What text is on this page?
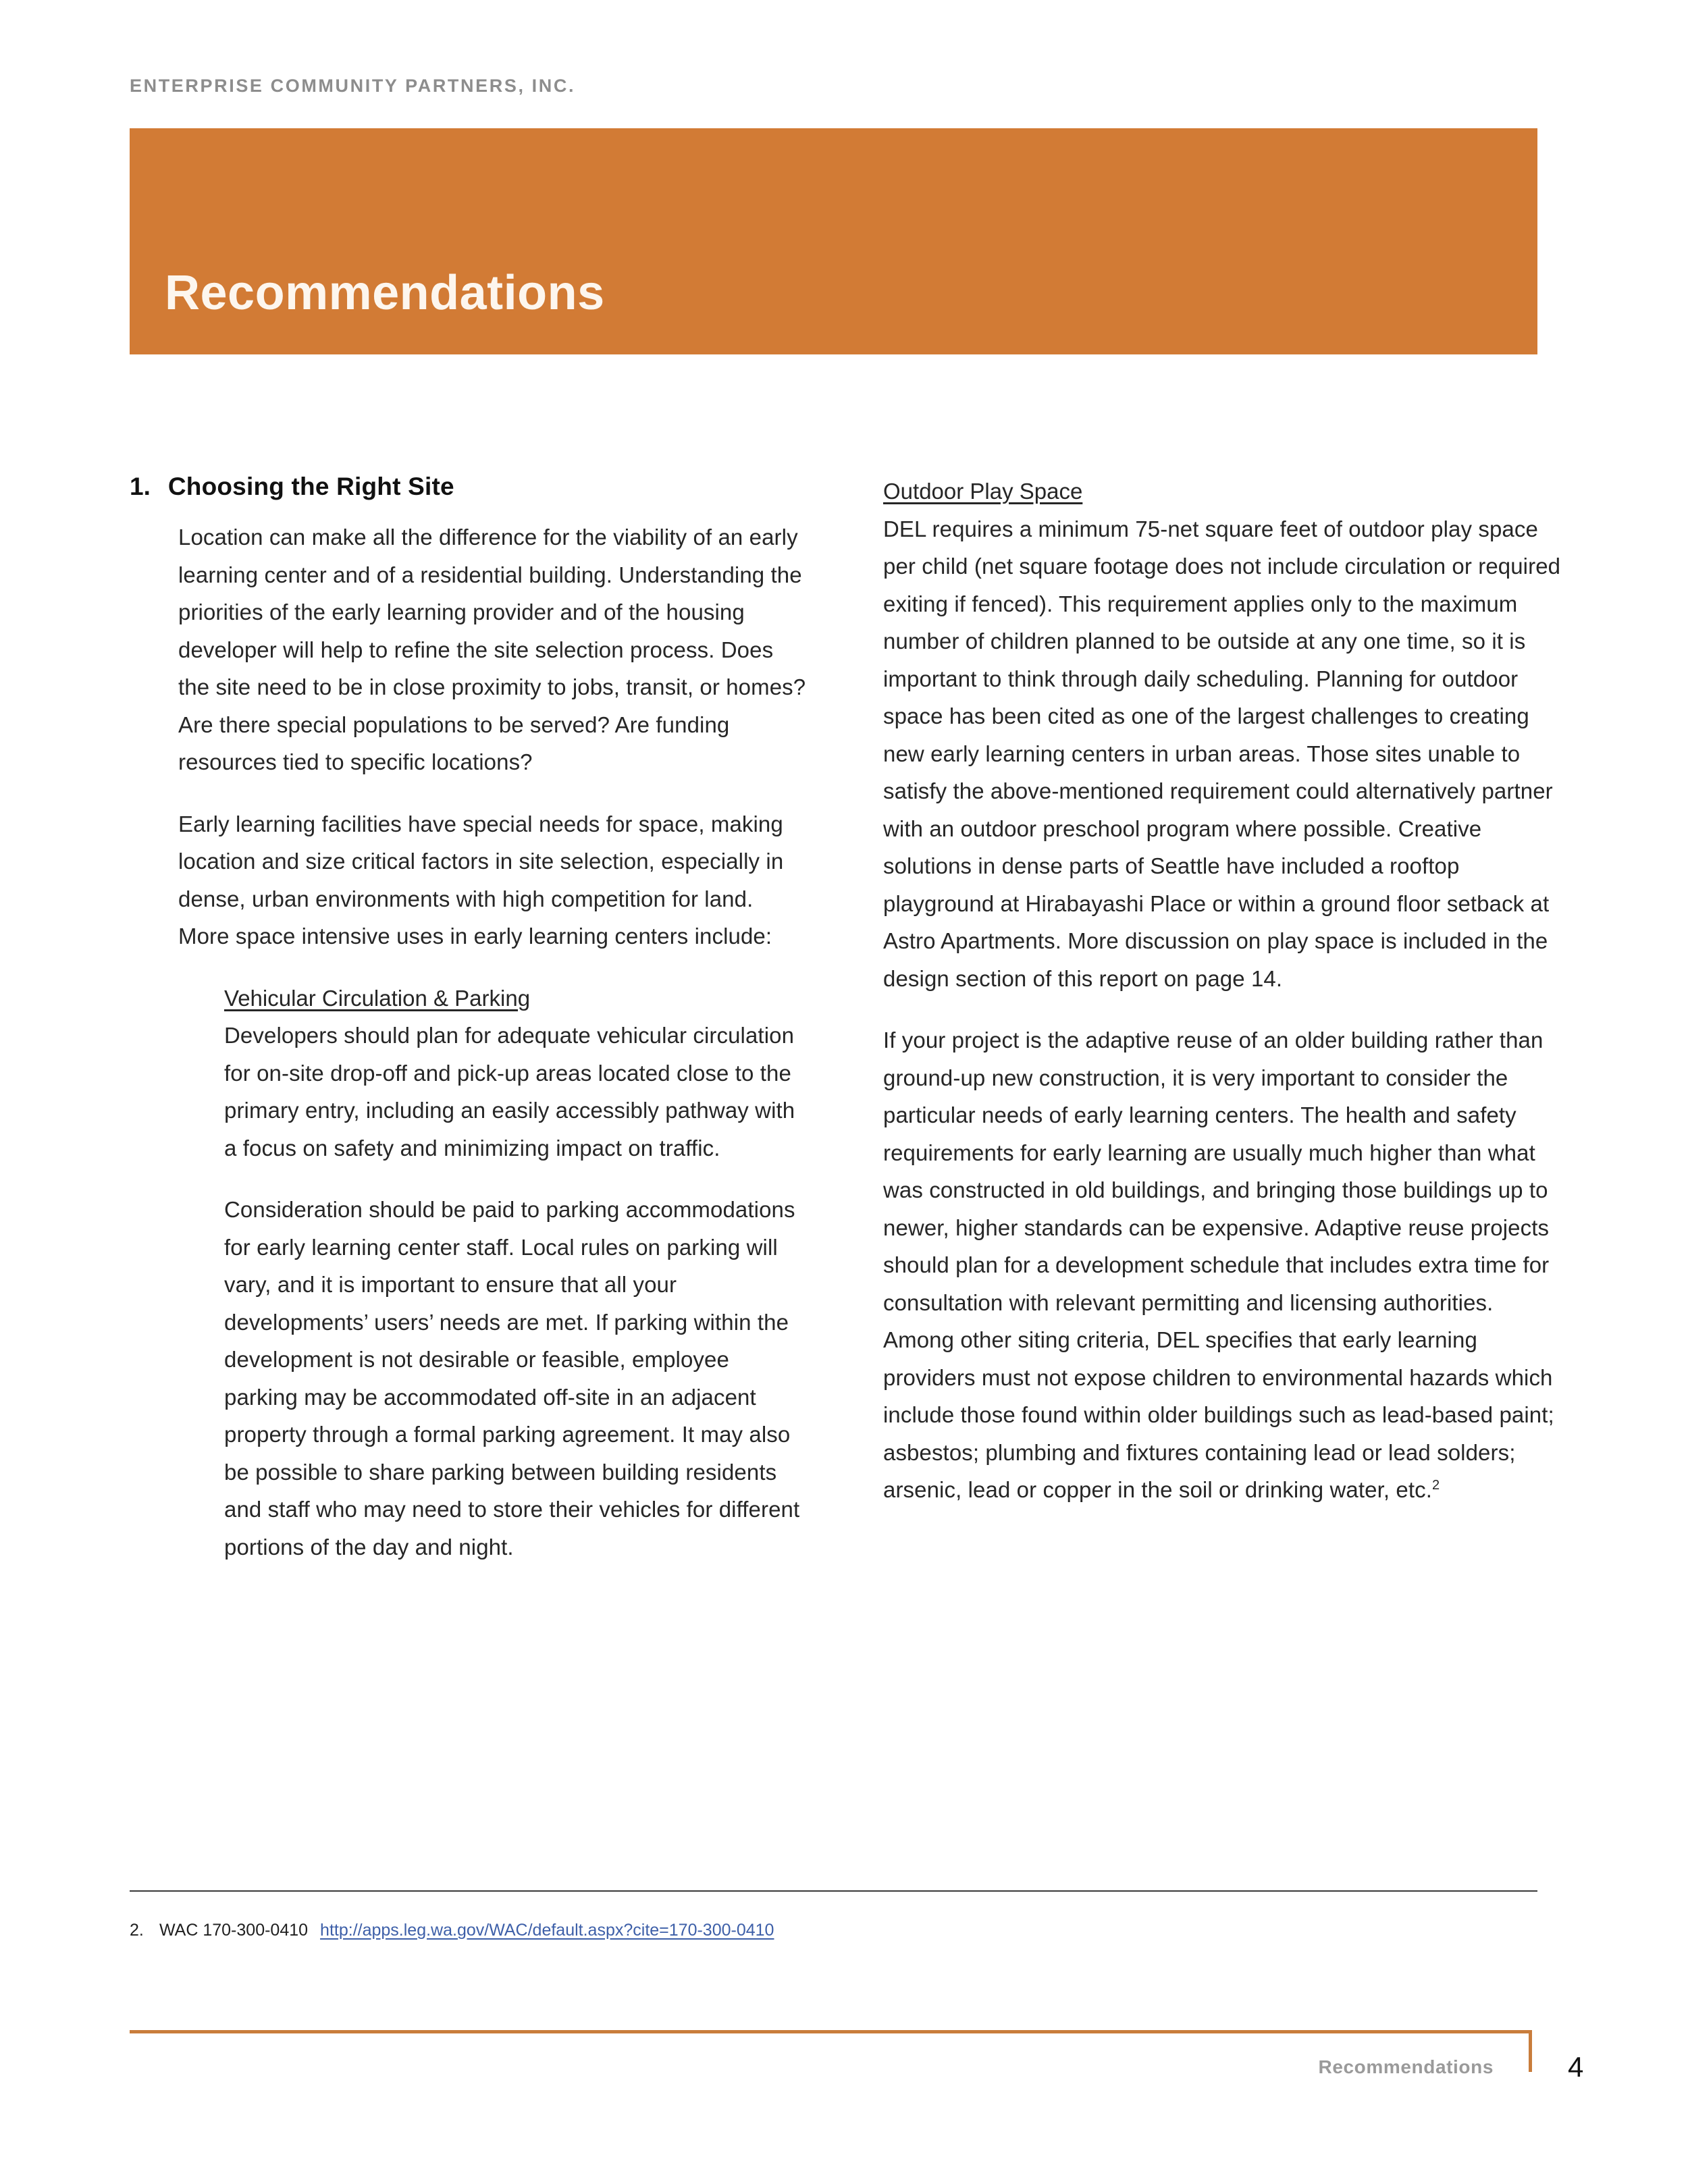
ENTERPRISE COMMUNITY PARTNERS, INC.
Recommendations
1. Choosing the Right Site

Location can make all the difference for the viability of an early learning center and of a residential building. Understanding the priorities of the early learning provider and of the housing developer will help to refine the site selection process. Does the site need to be in close proximity to jobs, transit, or homes? Are there special populations to be served? Are funding resources tied to specific locations?

Early learning facilities have special needs for space, making location and size critical factors in site selection, especially in dense, urban environments with high competition for land. More space intensive uses in early learning centers include:

Vehicular Circulation & Parking

Developers should plan for adequate vehicular circulation for on-site drop-off and pick-up areas located close to the primary entry, including an easily accessibly pathway with a focus on safety and minimizing impact on traffic.

Consideration should be paid to parking accommodations for early learning center staff. Local rules on parking will vary, and it is important to ensure that all your developments’ users’ needs are met. If parking within the development is not desirable or feasible, employee parking may be accommodated off-site in an adjacent property through a formal parking agreement. It may also be possible to share parking between building residents and staff who may need to store their vehicles for different portions of the day and night.

Outdoor Play Space

DEL requires a minimum 75-net square feet of outdoor play space per child (net square footage does not include circulation or required exiting if fenced). This requirement applies only to the maximum number of children planned to be outside at any one time, so it is important to think through daily scheduling. Planning for outdoor space has been cited as one of the largest challenges to creating new early learning centers in urban areas. Those sites unable to satisfy the above-mentioned requirement could alternatively partner with an outdoor preschool program where possible. Creative solutions in dense parts of Seattle have included a rooftop playground at Hirabayashi Place or within a ground floor setback at Astro Apartments. More discussion on play space is included in the design section of this report on page 14.

If your project is the adaptive reuse of an older building rather than ground-up new construction, it is very important to consider the particular needs of early learning centers. The health and safety requirements for early learning are usually much higher than what was constructed in old buildings, and bringing those buildings up to newer, higher standards can be expensive. Adaptive reuse projects should plan for a development schedule that includes extra time for consultation with relevant permitting and licensing authorities. Among other siting criteria, DEL specifies that early learning providers must not expose children to environmental hazards which include those found within older buildings such as lead-based paint; asbestos; plumbing and fixtures containing lead or lead solders; arsenic, lead or copper in the soil or drinking water, etc.$^2$

2. WAC 170-300-0410 http://apps.leg.wa.gov/WAC/default.aspx?cite=170-300-0410
Recommendations	4
